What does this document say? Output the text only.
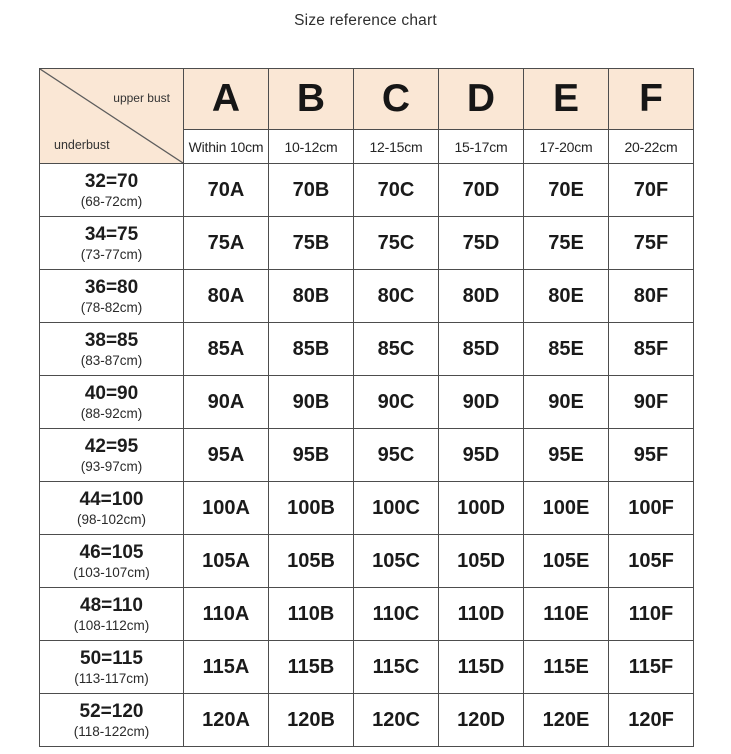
Size reference chart
upper bust
underbust	A	B	C	D	E	F
	Within 10cm	10-12cm	12-15cm	15-17cm	17-20cm	20-22cm

32=70
(68-72cm)	70A	70B	70C	70D	70E	70F

34=75
(73-77cm)	75A	75B	75C	75D	75E	75F

36=80
(78-82cm)	80A	80B	80C	80D	80E	80F

38=85
(83-87cm)	85A	85B	85C	85D	85E	85F

40=90
(88-92cm)	90A	90B	90C	90D	90E	90F

42=95
(93-97cm)	95A	95B	95C	95D	95E	95F

44=100
(98-102cm)	100A	100B	100C	100D	100E	100F

46=105
(103-107cm)	105A	105B	105C	105D	105E	105F

48=110
(108-112cm)	110A	110B	110C	110D	110E	110F

50=115
(113-117cm)	115A	115B	115C	115D	115E	115F

52=120
(118-122cm)	120A	120B	120C	120D	120E	120F
